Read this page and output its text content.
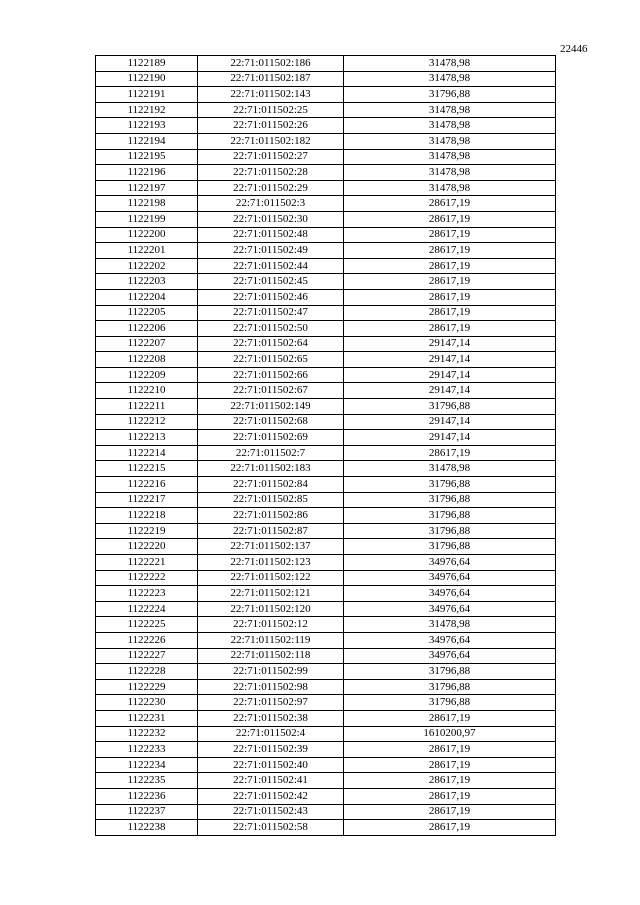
22446
1122189	22:71:011502:186	31478,98
1122190	22:71:011502:187	31478,98
1122191	22:71:011502:143	31796,88
1122192	22:71:011502:25	31478,98
1122193	22:71:011502:26	31478,98
1122194	22:71:011502:182	31478,98
1122195	22:71:011502:27	31478,98
1122196	22:71:011502:28	31478,98
1122197	22:71:011502:29	31478,98
1122198	22:71:011502:3	28617,19
1122199	22:71:011502:30	28617,19
1122200	22:71:011502:48	28617,19
1122201	22:71:011502:49	28617,19
1122202	22:71:011502:44	28617,19
1122203	22:71:011502:45	28617,19
1122204	22:71:011502:46	28617,19
1122205	22:71:011502:47	28617,19
1122206	22:71:011502:50	28617,19
1122207	22:71:011502:64	29147,14
1122208	22:71:011502:65	29147,14
1122209	22:71:011502:66	29147,14
1122210	22:71:011502:67	29147,14
1122211	22:71:011502:149	31796,88
1122212	22:71:011502:68	29147,14
1122213	22:71:011502:69	29147,14
1122214	22:71:011502:7	28617,19
1122215	22:71:011502:183	31478,98
1122216	22:71:011502:84	31796,88
1122217	22:71:011502:85	31796,88
1122218	22:71:011502:86	31796,88
1122219	22:71:011502:87	31796,88
1122220	22:71:011502:137	31796,88
1122221	22:71:011502:123	34976,64
1122222	22:71:011502:122	34976,64
1122223	22:71:011502:121	34976,64
1122224	22:71:011502:120	34976,64
1122225	22:71:011502:12	31478,98
1122226	22:71:011502:119	34976,64
1122227	22:71:011502:118	34976,64
1122228	22:71:011502:99	31796,88
1122229	22:71:011502:98	31796,88
1122230	22:71:011502:97	31796,88
1122231	22:71:011502:38	28617,19
1122232	22:71:011502:4	1610200,97
1122233	22:71:011502:39	28617,19
1122234	22:71:011502:40	28617,19
1122235	22:71:011502:41	28617,19
1122236	22:71:011502:42	28617,19
1122237	22:71:011502:43	28617,19
1122238	22:71:011502:58	28617,19
